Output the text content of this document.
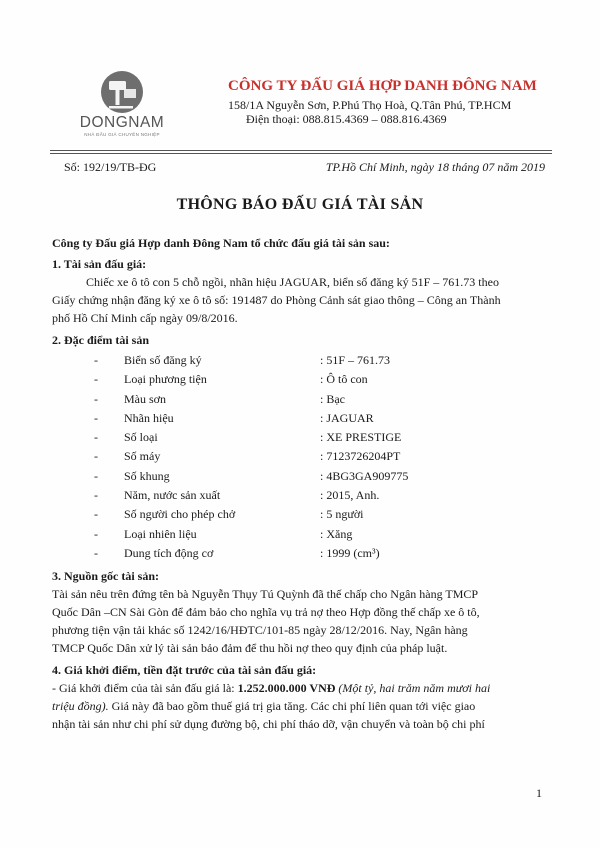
DONGNAM
NHÀ ĐẤU GIÁ CHUYÊN NGHIỆP
CÔNG TY ĐẤU GIÁ HỢP DANH ĐÔNG NAM
158/1A Nguyễn Sơn, P.Phú Thọ Hoà, Q.Tân Phú, TP.HCM
Điện thoại: 088.815.4369 – 088.816.4369
Số: 192/19/TB-ĐG	TP.Hồ Chí Minh, ngày 18 tháng 07 năm 2019
THÔNG BÁO ĐẤU GIÁ TÀI SẢN

Công ty Đấu giá Hợp danh Đông Nam tổ chức đấu giá tài sản sau:

1. Tài sản đấu giá:

Chiếc xe ô tô con 5 chỗ ngồi, nhãn hiệu JAGUAR, biển số đăng ký 51F – 761.73 theo

Giấy chứng nhận đăng ký xe ô tô số: 191487 do Phòng Cảnh sát giao thông – Công an Thành

phố Hồ Chí Minh cấp ngày 09/8/2016.

2. Đặc điểm tài sản

-	Biển số đăng ký	: 51F – 761.73
-	Loại phương tiện	: Ô tô con
-	Màu sơn	: Bạc
-	Nhãn hiệu	: JAGUAR
-	Số loại	: XE PRESTIGE
-	Số máy	: 7123726204PT
-	Số khung	: 4BG3GA909775
-	Năm, nước sản xuất	: 2015, Anh.
-	Số người cho phép chở	: 5 người
-	Loại nhiên liệu	: Xăng
-	Dung tích động cơ	: 1999 (cm³)

3. Nguồn gốc tài sản:

Tài sản nêu trên đứng tên bà Nguyễn Thụy Tú Quỳnh đã thế chấp cho Ngân hàng TMCP

Quốc Dân –CN Sài Gòn để đảm bảo cho nghĩa vụ trả nợ theo Hợp đồng thế chấp xe ô tô,

phương tiện vận tải khác số 1242/16/HĐTC/101-85 ngày 28/12/2016. Nay, Ngân hàng

TMCP Quốc Dân xử lý tài sản bảo đảm để thu hồi nợ theo quy định của pháp luật.

4. Giá khởi điểm, tiền đặt trước của tài sản đấu giá:

- Giá khởi điểm của tài sản đấu giá là: 1.252.000.000 VNĐ (Một tỷ, hai trăm năm mươi hai

triệu đồng). Giá này đã bao gồm thuế giá trị gia tăng. Các chi phí liên quan tới việc giao

nhận tài sản như chi phí sử dụng đường bộ, chi phí tháo dỡ, vận chuyển và toàn bộ chi phí

1
